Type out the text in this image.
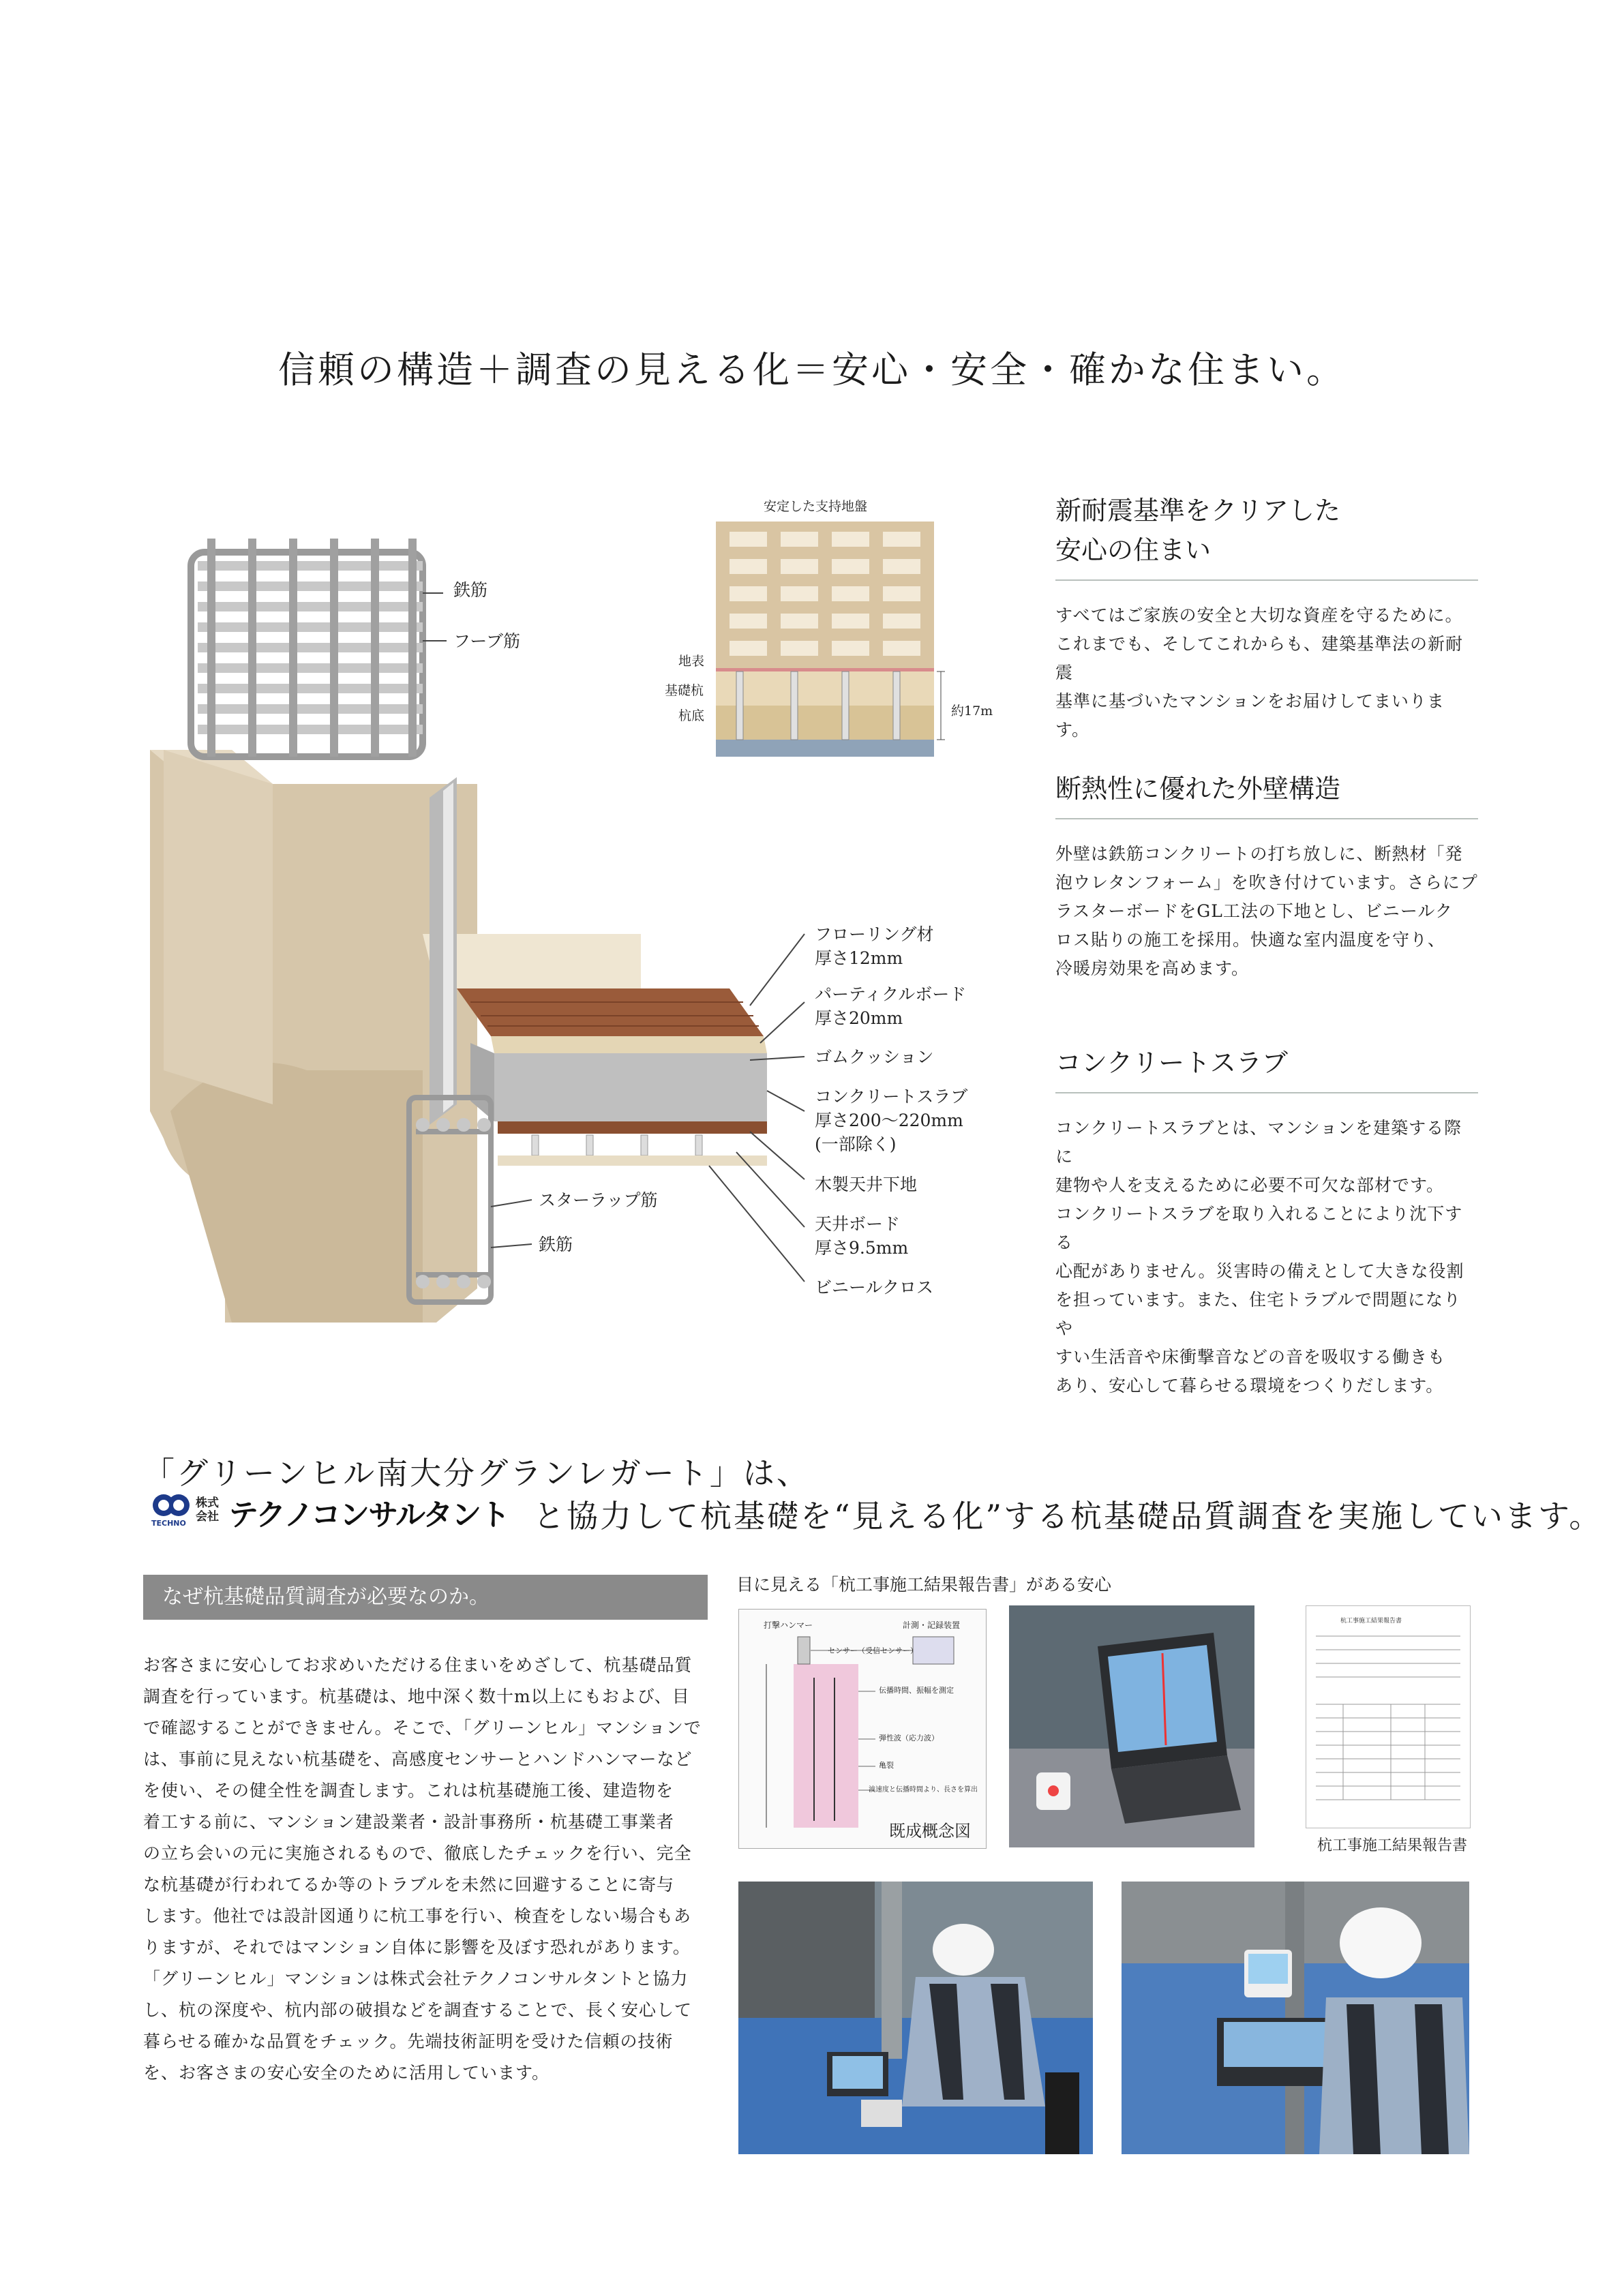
信頼の構造＋調査の見える化＝安心・安全・確かな住まい。
鉄筋
フーブ筋
フローリング材
厚さ12mm
パーティクルボード
厚さ20mm
ゴムクッション
コンクリートスラブ
厚さ200〜220mm
(一部除く)
木製天井下地
天井ボード
厚さ9.5mm
ビニールクロス
スターラップ筋
鉄筋
安定した支持地盤
地表
基礎杭
杭底	約17m
新耐震基準をクリアした
安心の住まい
すべてはご家族の安全と大切な資産を守るために。
これまでも、そしてこれからも、建築基準法の新耐震
基準に基づいたマンションをお届けしてまいります。
断熱性に優れた外壁構造
外壁は鉄筋コンクリートの打ち放しに、断熱材「発
泡ウレタンフォーム」を吹き付けています。さらにプ
ラスターボードをGL工法の下地とし、ビニールク
ロス貼りの施工を採用。快適な室内温度を守り、
冷暖房効果を高めます。
コンクリートスラブ
コンクリートスラブとは、マンションを建築する際に
建物や人を支えるために必要不可欠な部材です。
コンクリートスラブを取り入れることにより沈下する
心配がありません。災害時の備えとして大きな役割
を担っています。また、住宅トラブルで問題になりや
すい生活音や床衝撃音などの音を吸収する働きも
あり、安心して暮らせる環境をつくりだします。
「グリーンヒル南大分グランレガート」は、
TECHNO
株式会社 テクノコンサルタント と協力して杭基礎を“見える化”する杭基礎品質調査を実施しています。
なぜ杭基礎品質調査が必要なのか。
お客さまに安心してお求めいただける住まいをめざして、杭基礎品質
調査を行っています。杭基礎は、地中深く数十m以上にもおよび、目
で確認することができません。そこで、「グリーンヒル」マンションで
は、事前に見えない杭基礎を、高感度センサーとハンドハンマーなど
を使い、その健全性を調査します。これは杭基礎施工後、建造物を
着工する前に、マンション建設業者・設計事務所・杭基礎工事業者
の立ち会いの元に実施されるもので、徹底したチェックを行い、完全
な杭基礎が行われてるか等のトラブルを未然に回避することに寄与
します。他社では設計図通りに杭工事を行い、検査をしない場合もあ
りますが、それではマンション自体に影響を及ぼす恐れがあります。
「グリーンヒル」マンションは株式会社テクノコンサルタントと協力
し、杭の深度や、杭内部の破損などを調査することで、長く安心して
暮らせる確かな品質をチェック。先端技術証明を受けた信頼の技術
を、お客さまの安心安全のために活用しています。
目に見える「杭工事施工結果報告書」がある安心
打撃ハンマー	計測・記録装置
センサー（受信センサー）
伝播時間、振幅を測定
弾性波（応力波）
亀裂
波速度と伝播時間より、長さを算出
既成概念図
杭工事施工結果報告書
杭工事施工結果報告書
